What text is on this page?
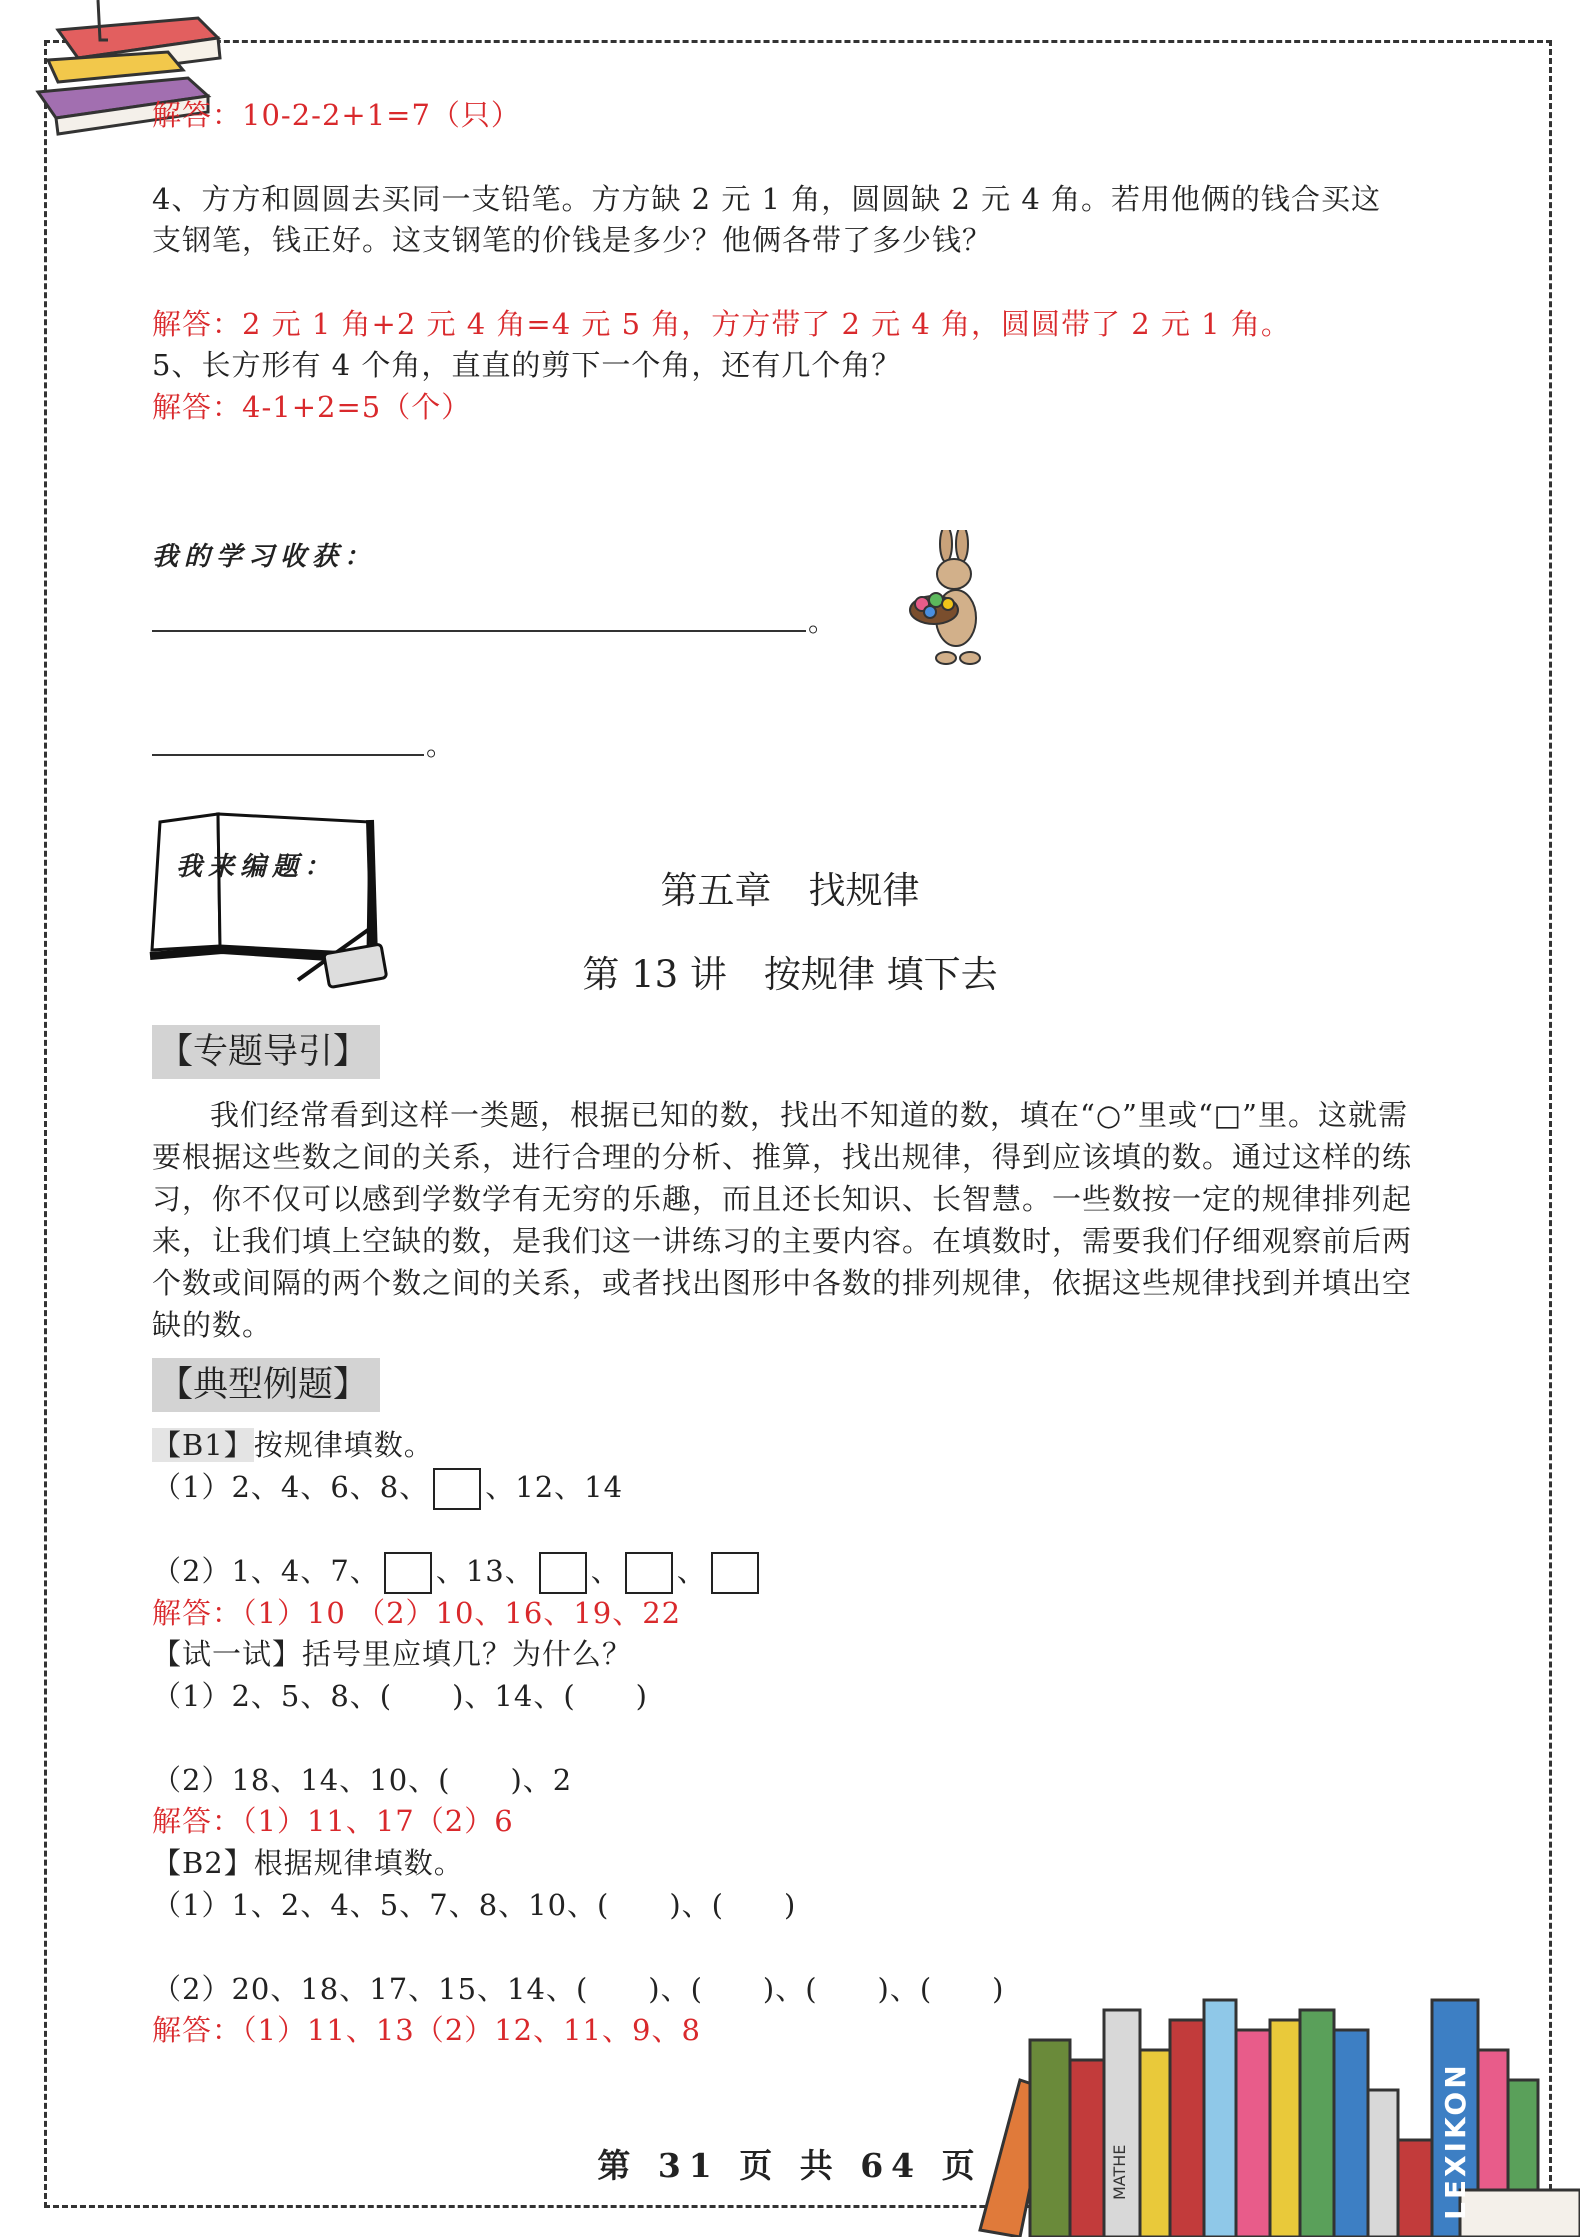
解答：10-2-2+1=7（只）
4、方方和圆圆去买同一支铅笔。方方缺 2 元 1 角，圆圆缺 2 元 4 角。若用他俩的钱合买这
支钢笔，钱正好。这支钢笔的价钱是多少？他俩各带了多少钱？
解答：2 元 1 角+2 元 4 角=4 元 5 角，方方带了 2 元 4 角，圆圆带了 2 元 1 角。
5、长方形有 4 个角，直直的剪下一个角，还有几个角？
解答：4-1+2=5（个）
我的学习收获：
。
。
我来编题：
第五章　找规律
第 13 讲　按规律 填下去
【专题导引】
我们经常看到这样一类题，根据已知的数，找出不知道的数，填在“○”里或“□”里。这就需要根据这些数之间的关系，进行合理的分析、推算，找出规律，得到应该填的数。通过这样的练习，你不仅可以感到学数学有无穷的乐趣，而且还长知识、长智慧。一些数按一定的规律排列起来，让我们填上空缺的数，是我们这一讲练习的主要内容。在填数时，需要我们仔细观察前后两个数或间隔的两个数之间的关系，或者找出图形中各数的排列规律，依据这些规律找到并填出空缺的数。
【典型例题】
【B1】按规律填数。
（1）2、4、6、8、 、12、14
（2）1、4、7、 、13、 、 、
解答：（1）10 （2）10、16、19、22
【试一试】括号里应填几？为什么？
（1）2、5、8、(　　)、14、(　　)
（2）18、14、10、(　　)、2
解答：（1）11、17（2）6
【B2】根据规律填数。
（1）1、2、4、5、7、8、10、(　　)、(　　)
（2）20、18、17、15、14、(　　)、(　　)、(　　)、(　　)
解答：（1）11、13（2）12、11、9、8
LEXIKON
MATHE
第 31 页 共 64 页
